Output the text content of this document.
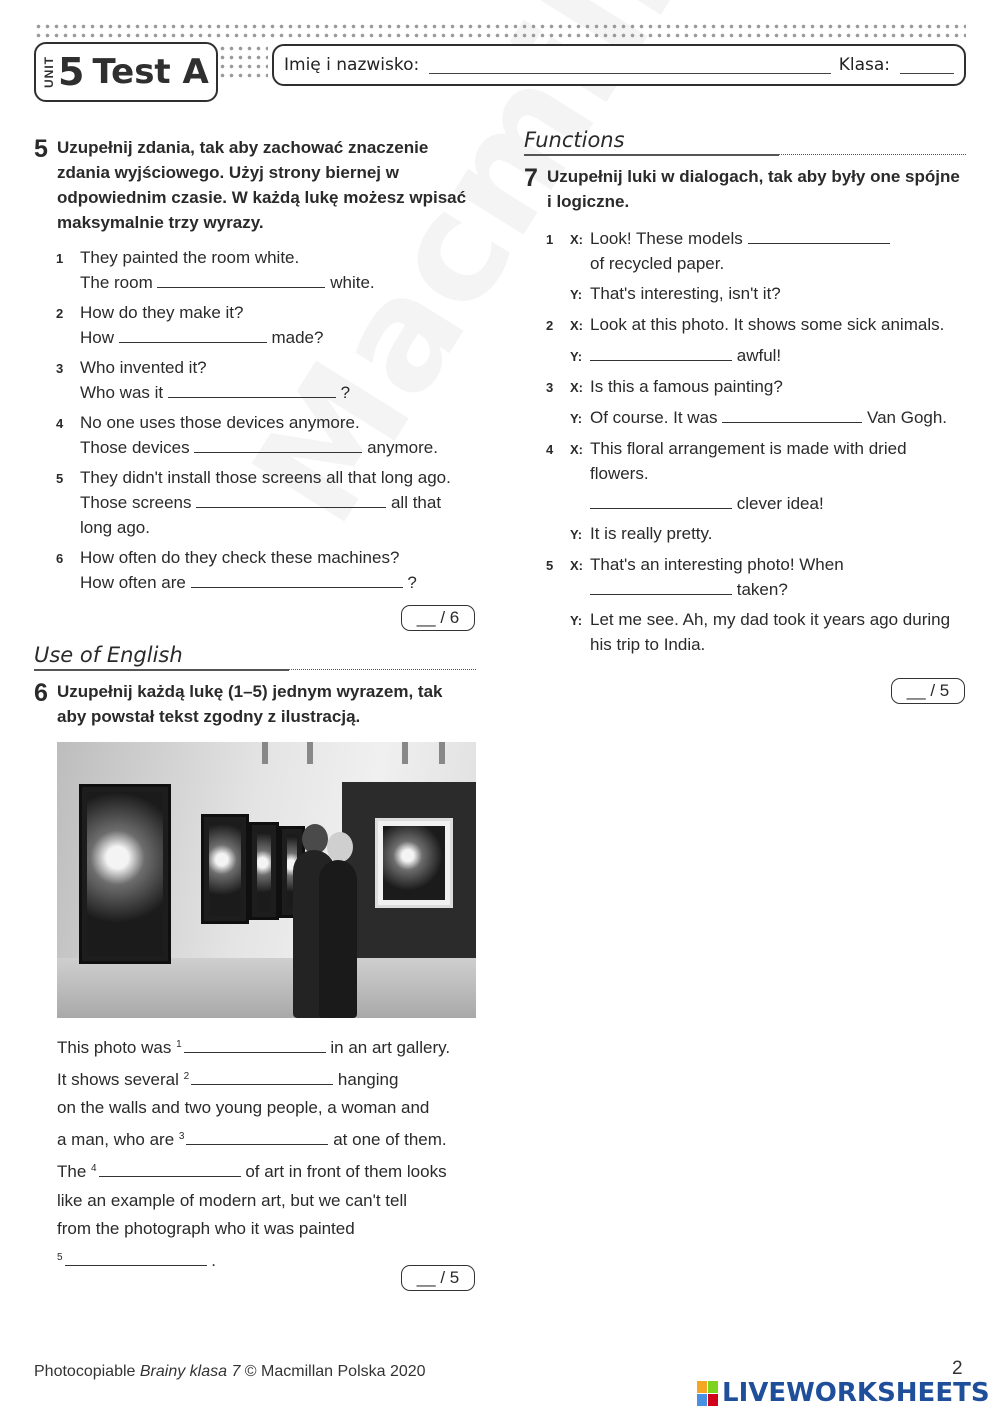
UNIT 5 Test A	Imię i nazwisko:	Klasa:
5 Uzupełnij zdania, tak aby zachować znaczenie zdania wyjściowego. Użyj strony biernej w odpowiednim czasie. W każdą lukę możesz wpisać maksymalnie trzy wyrazy.
1 They painted the room white.
The room	white.
2 How do they make it?
How	made?
3 Who invented it?
Who was it	?
4 No one uses those devices anymore.
Those devices	anymore.
5 They didn't install those screens all that long ago.
Those screens	all that
long ago.
6 How often do they check these machines?
How often are	?
__ / 6
Use of English
6 Uzupełnij każdą lukę (1–5) jednym wyrazem, tak aby powstał tekst zgodny z ilustracją.
This photo was $^1$	in an art gallery.
It shows several $^2$	hanging
on the walls and two young people, a woman and
a man, who are $^3$	at one of them.
The $^4$	of art in front of them looks
like an example of modern art, but we can't tell
from the photograph who it was painted
$^5$	.
__ / 5
Functions
7 Uzupełnij luki w dialogach, tak aby były one spójne i logiczne.
1	X: Look! These models
of recycled paper.
Y: That's interesting, isn't it?
2	X: Look at this photo. It shows some sick animals.
Y:	awful!
3	X: Is this a famous painting?
Y: Of course. It was	Van Gogh.
4	X: This floral arrangement is made with dried flowers.
clever idea!
Y: It is really pretty.
5	X: That's an interesting photo! When
taken?
Y: Let me see. Ah, my dad took it years ago during his trip to India.
__ / 5
Photocopiable Brainy klasa 7 © Macmillan Polska 2020	2
LIVEWORKSHEETS
